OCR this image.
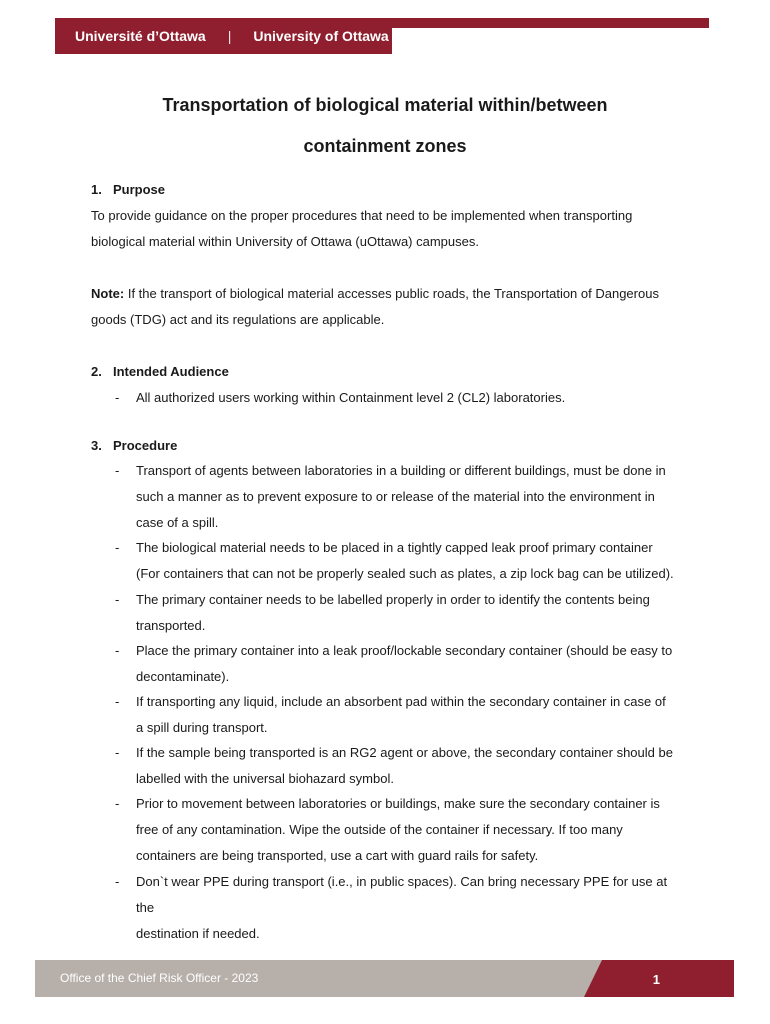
Université d’Ottawa | University of Ottawa
Transportation of biological material within/between
containment zones
1. Purpose
To provide guidance on the proper procedures that need to be implemented when transporting
biological material within University of Ottawa (uOttawa) campuses.
Note: If the transport of biological material accesses public roads, the Transportation of Dangerous
goods (TDG) act and its regulations are applicable.
2. Intended Audience
- All authorized users working within Containment level 2 (CL2) laboratories.
3. Procedure
- Transport of agents between laboratories in a building or different buildings, must be done in
such a manner as to prevent exposure to or release of the material into the environment in
case of a spill.
- The biological material needs to be placed in a tightly capped leak proof primary container
(For containers that can not be properly sealed such as plates, a zip lock bag can be utilized).
- The primary container needs to be labelled properly in order to identify the contents being
transported.
- Place the primary container into a leak proof/lockable secondary container (should be easy to
decontaminate).
- If transporting any liquid, include an absorbent pad within the secondary container in case of
a spill during transport.
- If the sample being transported is an RG2 agent or above, the secondary container should be
labelled with the universal biohazard symbol.
- Prior to movement between laboratories or buildings, make sure the secondary container is
free of any contamination. Wipe the outside of the container if necessary. If too many
containers are being transported, use a cart with guard rails for safety.
- Don`t wear PPE during transport (i.e., in public spaces). Can bring necessary PPE for use at the
destination if needed.
Office of the Chief Risk Officer - 2023	1
